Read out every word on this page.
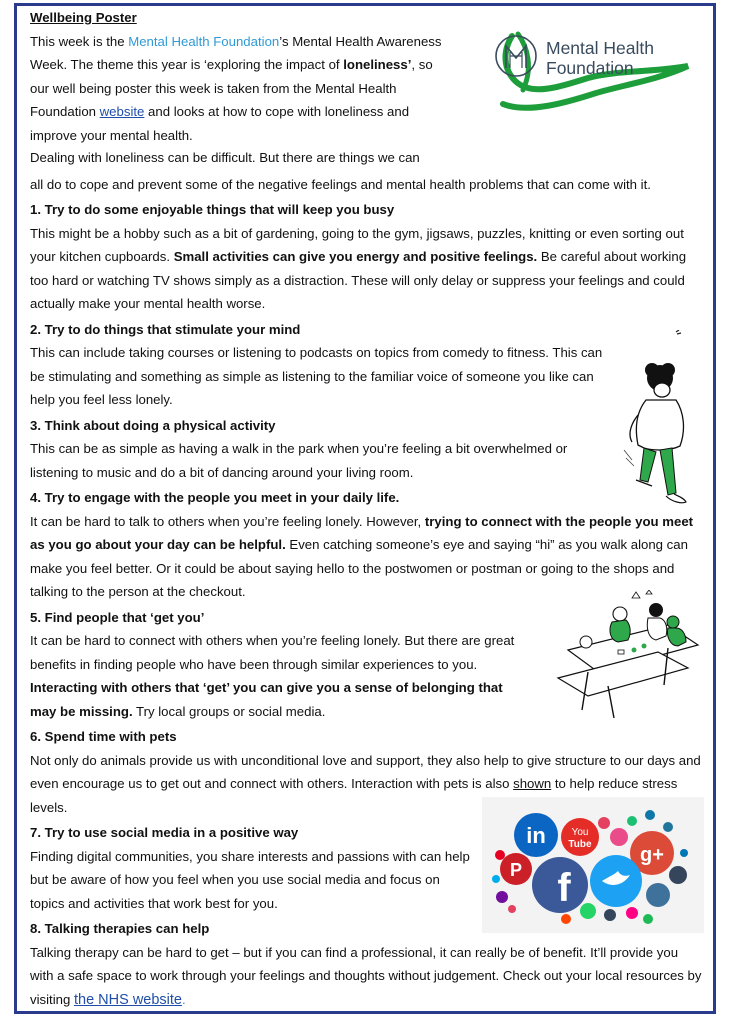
Wellbeing Poster

This week is the Mental Health Foundation’s Mental Health Awareness Week. The theme this year is ‘exploring the impact of loneliness’, so our well being poster this week is taken from the Mental Health Foundation website and looks at how to cope with loneliness and improve your mental health.

Dealing with loneliness can be difficult. But there are things we can

all do to cope and prevent some of the negative feelings and mental health problems that can come with it.

1. Try to do some enjoyable things that will keep you busy

This might be a hobby such as a bit of gardening, going to the gym, jigsaws, puzzles, knitting or even sorting out your kitchen cupboards. Small activities can give you energy and positive feelings. Be careful about working too hard or watching TV shows simply as a distraction. These will only delay or suppress your feelings and could actually make your mental health worse.

2. Try to do things that stimulate your mind

This can include taking courses or listening to podcasts on topics from comedy to fitness. This can be stimulating and something as simple as listening to the familiar voice of someone you like can help you feel less lonely.

3. Think about doing a physical activity

This can be as simple as having a walk in the park when you’re feeling a bit overwhelmed or listening to music and do a bit of dancing around your living room.

4. Try to engage with the people you meet in your daily life.

It can be hard to talk to others when you’re feeling lonely. However, trying to connect with the people you meet as you go about your day can be helpful. Even catching someone’s eye and saying “hi” as you walk along can make you feel better. Or it could be about saying hello to the postwomen or postman or going to the shops and talking to the person at the checkout.

5. Find people that ‘get you’

It can be hard to connect with others when you’re feeling lonely. But there are great benefits in finding people who have been through similar experiences to you. Interacting with others that ‘get’ you can give you a sense of belonging that may be missing. Try local groups or social media.

6. Spend time with pets

Not only do animals provide us with unconditional love and support, they also help to give structure to our days and even encourage us to get out and connect with others. Interaction with pets is also shown to help reduce stress levels.

7. Try to use social media in a positive way

Finding digital communities, you share interests and passions with can help but be aware of how you feel when you use social media and focus on topics and activities that work best for you.

8. Talking therapies can help

Talking therapy can be hard to get – but if you can find a professional, it can really be of benefit. It’ll provide you with a safe space to work through your feelings and thoughts without judgement. Check out your local resources by visiting the NHS website.

Mental Health
Foundation
in	You
Tube g+
P f
